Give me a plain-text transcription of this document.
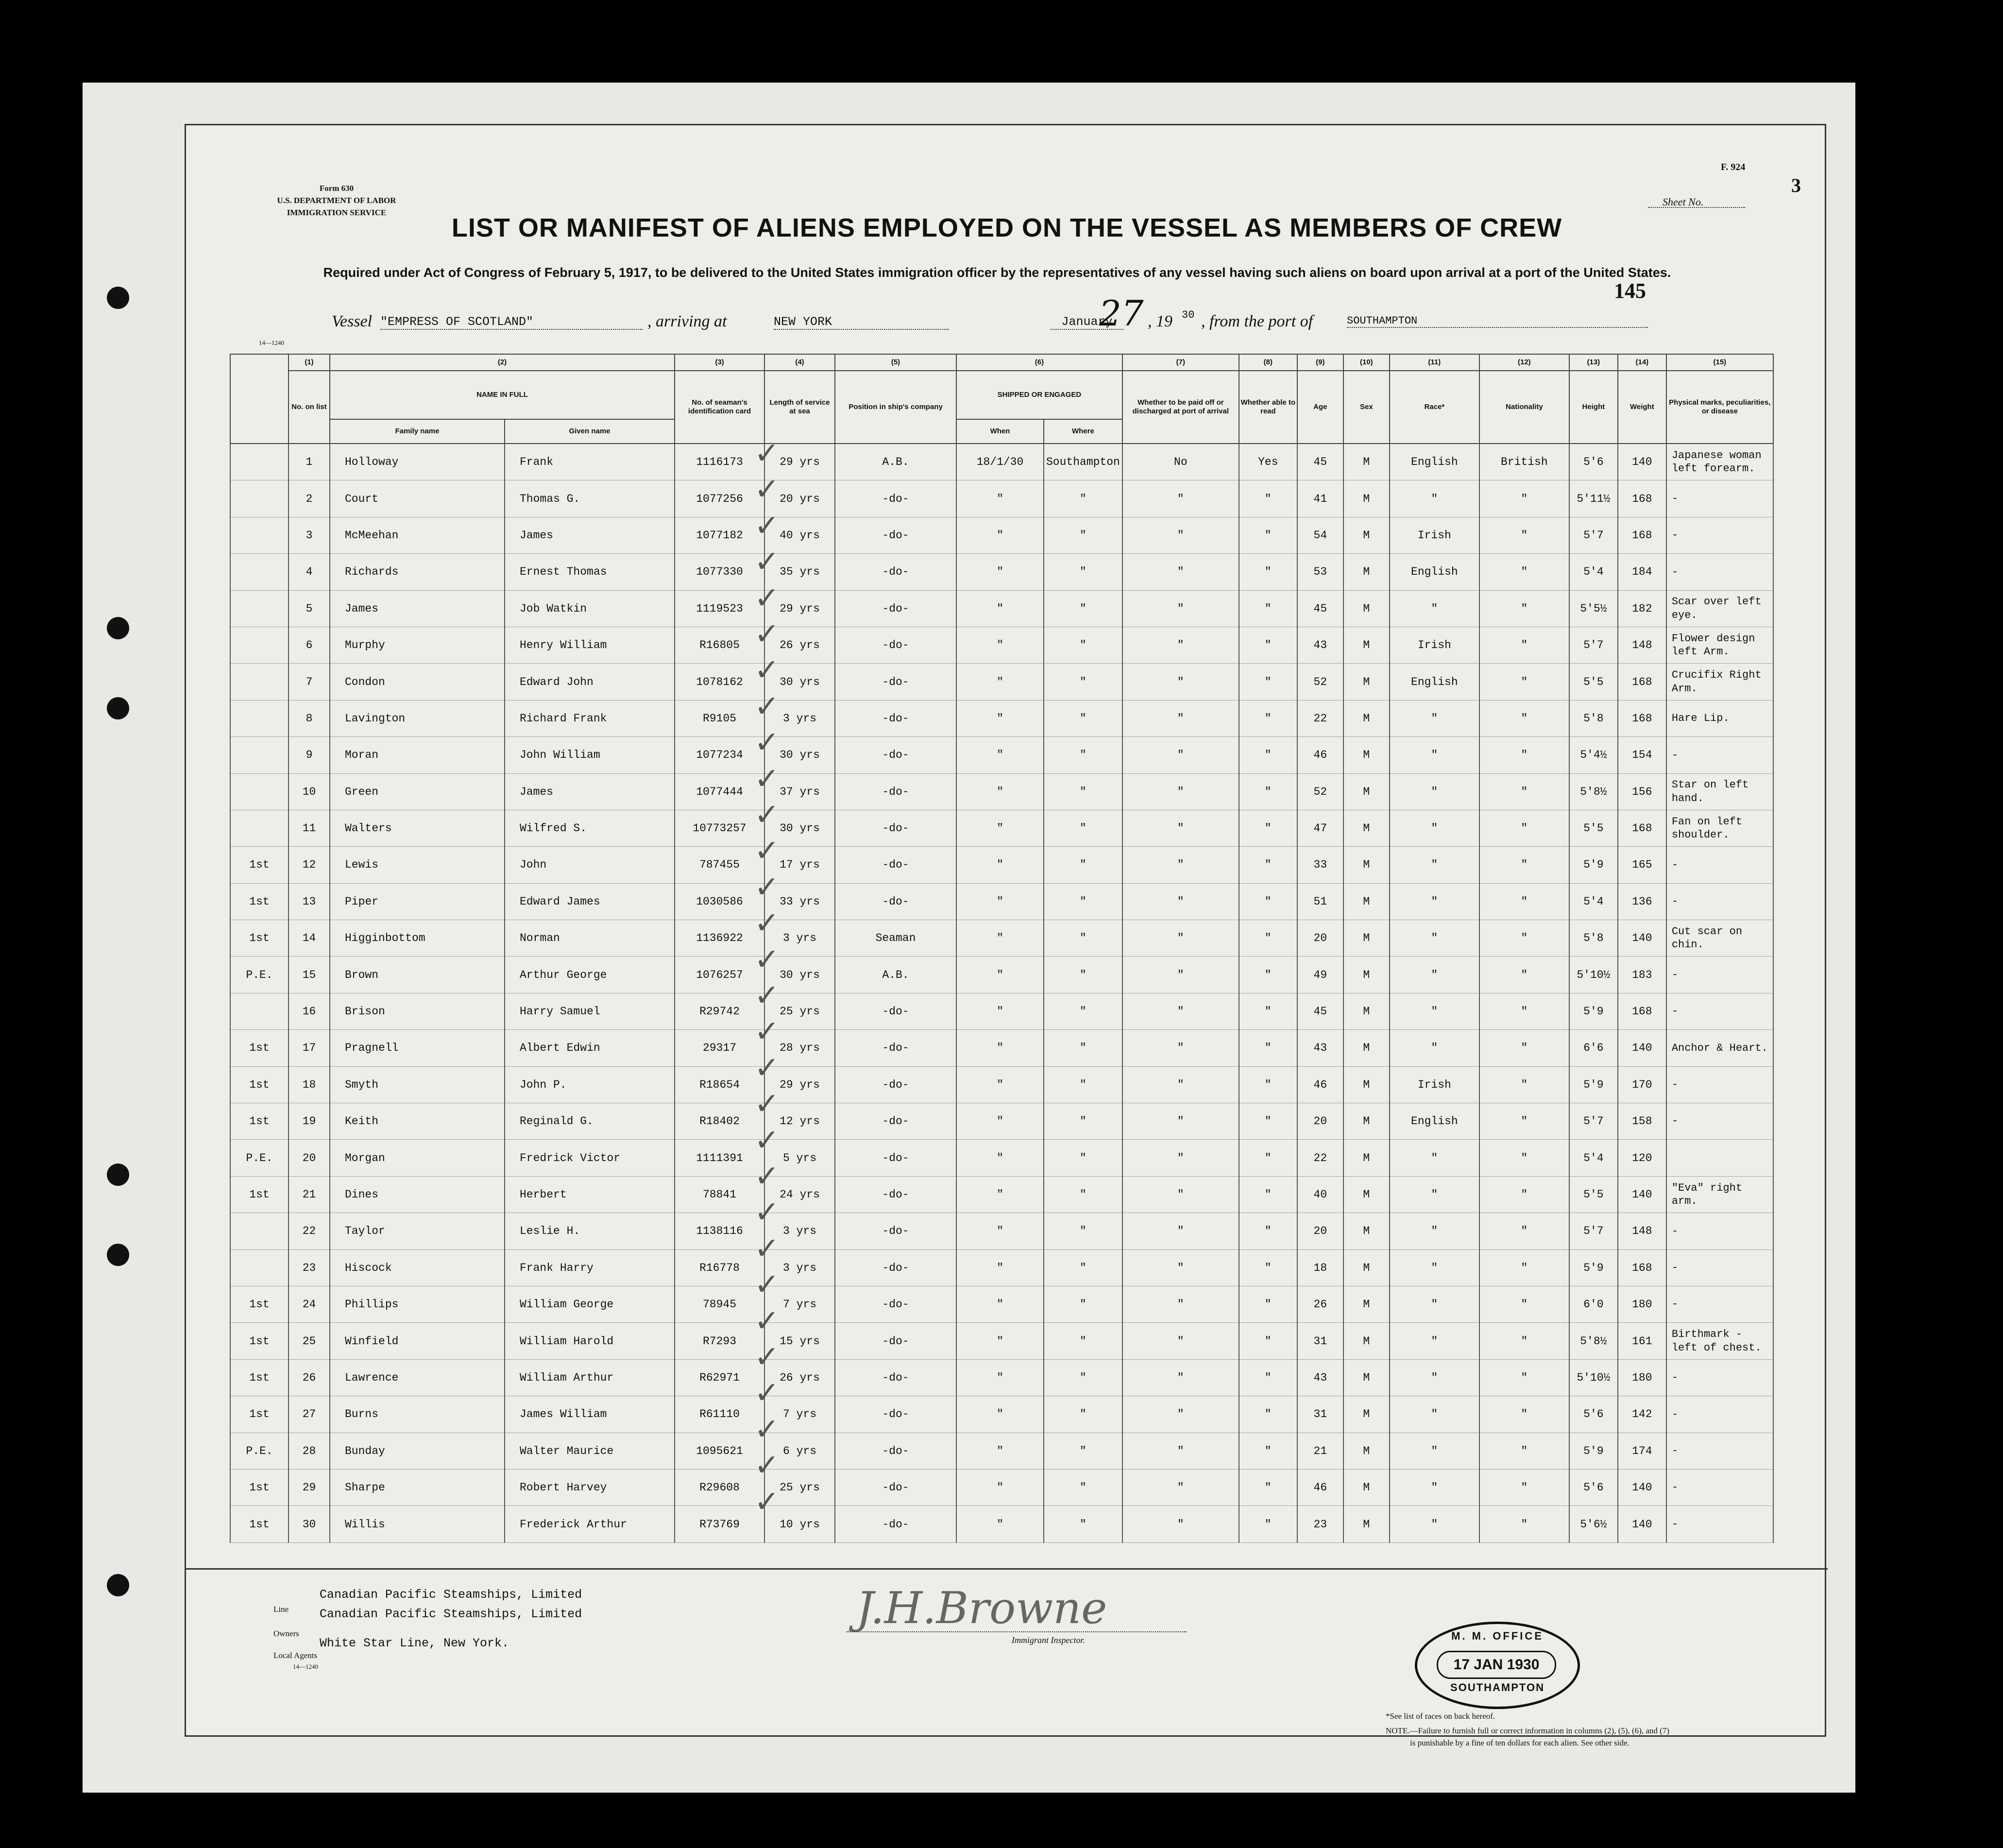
Form 630
U.S. DEPARTMENT OF LABOR
IMMIGRATION SERVICE
F. 924
Sheet No.
3
LIST OR MANIFEST OF ALIENS EMPLOYED ON THE VESSEL AS MEMBERS OF CREW
Required under Act of Congress of February 5, 1917, to be delivered to the United States immigration officer by the representatives of any vessel having such aliens on board upon arrival at a port of the United States.
145
14—1240
Vessel "EMPRESS OF SCOTLAND"	, arriving at	NEW YORK	January
27 , 19 30 , from the port of	SOUTHAMPTON
	(1)	(2)		(3)	(4)	(5)	(6)		(7)	(8)	(9)	(10)	(11)	(12)	(13)	(14)	(15)
	No. on list	NAME IN FULL		No. of seaman's identification card	Length of service at sea	Position in ship's company	SHIPPED OR ENGAGED		Whether to be paid off or discharged at port of arrival	Whether able to read	Age	Sex	Race*	Nationality	Height	Weight	Physical marks, peculiarities, or disease
		Family name	Given name				When	Where									
	1	Holloway	Frank	1116173	29 yrs	A.B.	18/1/30	Southampton	No	Yes	45	M	English	British	5'6	140	Japanese woman left forearm.
	2	Court	Thomas G.	1077256	20 yrs	-do-	"	"	"	"	41	M	"	"	5'11½	168	-
	3	McMeehan	James	1077182	40 yrs	-do-	"	"	"	"	54	M	Irish	"	5'7	168	-
	4	Richards	Ernest Thomas	1077330	35 yrs	-do-	"	"	"	"	53	M	English	"	5'4	184	-
	5	James	Job Watkin	1119523	29 yrs	-do-	"	"	"	"	45	M	"	"	5'5½	182	Scar over left eye.
	6	Murphy	Henry William	R16805	26 yrs	-do-	"	"	"	"	43	M	Irish	"	5'7	148	Flower design left Arm.
	7	Condon	Edward John	1078162	30 yrs	-do-	"	"	"	"	52	M	English	"	5'5	168	Crucifix Right Arm.
	8	Lavington	Richard Frank	R9105	3 yrs	-do-	"	"	"	"	22	M	"	"	5'8	168	Hare Lip.
	9	Moran	John William	1077234	30 yrs	-do-	"	"	"	"	46	M	"	"	5'4½	154	-
	10	Green	James	1077444	37 yrs	-do-	"	"	"	"	52	M	"	"	5'8½	156	Star on left hand.
	11	Walters	Wilfred S.	10773257	30 yrs	-do-	"	"	"	"	47	M	"	"	5'5	168	Fan on left shoulder.
1st	12	Lewis	John	787455	17 yrs	-do-	"	"	"	"	33	M	"	"	5'9	165	-
1st	13	Piper	Edward James	1030586	33 yrs	-do-	"	"	"	"	51	M	"	"	5'4	136	-
1st	14	Higginbottom	Norman	1136922	3 yrs	Seaman	"	"	"	"	20	M	"	"	5'8	140	Cut scar on chin.
P.E.	15	Brown	Arthur George	1076257	30 yrs	A.B.	"	"	"	"	49	M	"	"	5'10½	183	-
	16	Brison	Harry Samuel	R29742	25 yrs	-do-	"	"	"	"	45	M	"	"	5'9	168	-
1st	17	Pragnell	Albert Edwin	29317	28 yrs	-do-	"	"	"	"	43	M	"	"	6'6	140	Anchor & Heart.
1st	18	Smyth	John P.	R18654	29 yrs	-do-	"	"	"	"	46	M	Irish	"	5'9	170	-
1st	19	Keith	Reginald G.	R18402	12 yrs	-do-	"	"	"	"	20	M	English	"	5'7	158	-
P.E.	20	Morgan	Fredrick Victor	1111391	5 yrs	-do-	"	"	"	"	22	M	"	"	5'4	120	
1st	21	Dines	Herbert	78841	24 yrs	-do-	"	"	"	"	40	M	"	"	5'5	140	"Eva" right arm.
	22	Taylor	Leslie H.	1138116	3 yrs	-do-	"	"	"	"	20	M	"	"	5'7	148	-
	23	Hiscock	Frank Harry	R16778	3 yrs	-do-	"	"	"	"	18	M	"	"	5'9	168	-
1st	24	Phillips	William George	78945	7 yrs	-do-	"	"	"	"	26	M	"	"	6'0	180	-
1st	25	Winfield	William Harold	R7293	15 yrs	-do-	"	"	"	"	31	M	"	"	5'8½	161	Birthmark - left of chest.
1st	26	Lawrence	William Arthur	R62971	26 yrs	-do-	"	"	"	"	43	M	"	"	5'10½	180	-
1st	27	Burns	James William	R61110	7 yrs	-do-	"	"	"	"	31	M	"	"	5'6	142	-
P.E.	28	Bunday	Walter Maurice	1095621	6 yrs	-do-	"	"	"	"	21	M	"	"	5'9	174	-
1st	29	Sharpe	Robert Harvey	R29608	25 yrs	-do-	"	"	"	"	46	M	"	"	5'6	140	-
1st	30	Willis	Frederick Arthur	R73769	10 yrs	-do-	"	"	"	"	23	M	"	"	5'6½	140	-
✓
✓
✓
✓
✓
✓
✓
✓
✓
✓
✓
✓
✓
✓
✓
✓
✓
✓
✓
✓
✓
✓
✓
✓
✓
✓
✓
✓
✓
✓
Line
Canadian Pacific Steamships, Limited
Owners
Canadian Pacific Steamships, Limited
Local Agents
White Star Line, New York.
14—1240
J.H.Browne
Immigrant Inspector.	M. M. OFFICE
17 JAN 1930
SOUTHAMPTON
*See list of races on back hereof.
NOTE.—Failure to furnish full or correct information in columns (2), (5), (6), and (7)
is punishable by a fine of ten dollars for each alien. See other side.
